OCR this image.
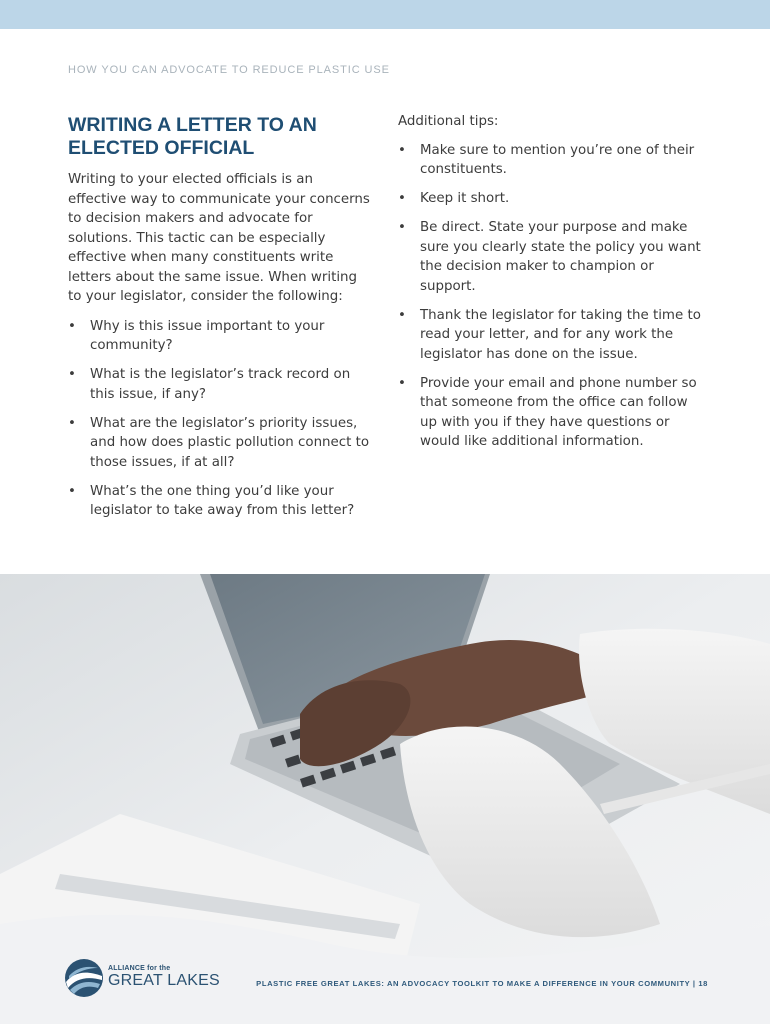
HOW YOU CAN ADVOCATE TO REDUCE PLASTIC USE
WRITING A LETTER TO AN
ELECTED OFFICIAL

Writing to your elected officials is an effective way to communicate your concerns to decision makers and advocate for solutions. This tactic can be especially effective when many constituents write letters about the same issue. When writing to your legislator, consider the following:

• Why is this issue important to your community?
• What is the legislator’s track record on this issue, if any?
• What are the legislator’s priority issues, and how does plastic pollution connect to those issues, if at all?
• What’s the one thing you’d like your legislator to take away from this letter?

Additional tips:

• Make sure to mention you’re one of their constituents.
• Keep it short.
• Be direct. State your purpose and make sure you clearly state the policy you want the decision maker to champion or support.
• Thank the legislator for taking the time to read your letter, and for any work the legislator has done on the issue.
• Provide your email and phone number so that someone from the office can follow up with you if they have questions or would like additional information.
ALLIANCE for the
GREAT LAKES	PLASTIC FREE GREAT LAKES: AN ADVOCACY TOOLKIT TO MAKE A DIFFERENCE IN YOUR COMMUNITY | 18
